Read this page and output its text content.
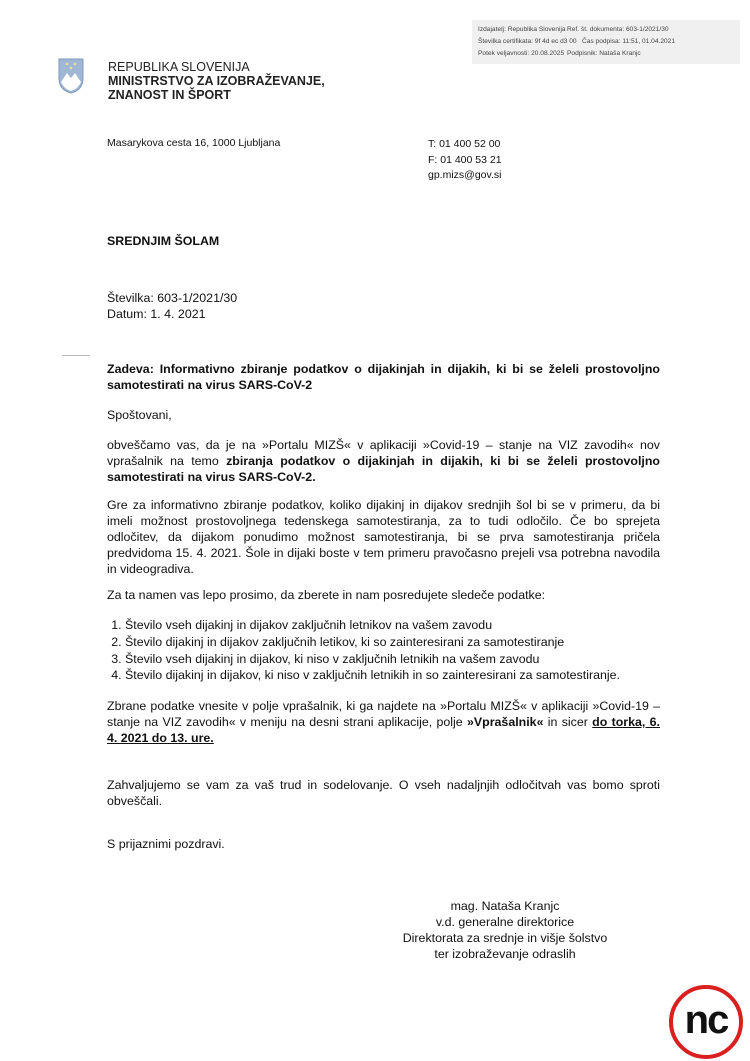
Izdajatelj: Republika Slovenija Ref. št. dokumenta: 603-1/2021/30
Številka certifikata: 9f 4d ec d3 00 Čas podpisa: 11:51, 01.04.2021
Potek veljavnosti: 20.08.2025 Podpisnik: Nataša Kranjc
REPUBLIKA SLOVENIJA
MINISTRSTVO ZA IZOBRAŽEVANJE,
ZNANOST IN ŠPORT
Masarykova cesta 16, 1000 Ljubljana	T: 01 400 52 00
F: 01 400 53 21
gp.mizs@gov.si
SREDNJIM ŠOLAM
Številka: 603-1/2021/30
Datum: 1. 4. 2021
Zadeva: Informativno zbiranje podatkov o dijakinjah in dijakih, ki bi se želeli prostovoljno samotestirati na virus SARS-CoV-2
Spoštovani,
obveščamo vas, da je na »Portalu MIZŠ« v aplikaciji »Covid-19 – stanje na VIZ zavodih« nov vprašalnik na temo zbiranja podatkov o dijakinjah in dijakih, ki bi se želeli prostovoljno samotestirati na virus SARS-CoV-2.
Gre za informativno zbiranje podatkov, koliko dijakinj in dijakov srednjih šol bi se v primeru, da bi imeli možnost prostovoljnega tedenskega samotestiranja, za to tudi odločilo. Če bo sprejeta odločitev, da dijakom ponudimo možnost samotestiranja, bi se prva samotestiranja pričela predvidoma 15. 4. 2021. Šole in dijaki boste v tem primeru pravočasno prejeli vsa potrebna navodila in videogradiva.
Za ta namen vas lepo prosimo, da zberete in nam posredujete sledeče podatke:
1. Število vseh dijakinj in dijakov zaključnih letnikov na vašem zavodu
2. Število dijakinj in dijakov zaključnih letikov, ki so zainteresirani za samotestiranje
3. Število vseh dijakinj in dijakov, ki niso v zaključnih letnikih na vašem zavodu
4. Število dijakinj in dijakov, ki niso v zaključnih letnikih in so zainteresirani za samotestiranje.
Zbrane podatke vnesite v polje vprašalnik, ki ga najdete na »Portalu MIZŠ« v aplikaciji »Covid-19 – stanje na VIZ zavodih« v meniju na desni strani aplikacije, polje »Vprašalnik« in sicer do torka, 6. 4. 2021 do 13. ure.
Zahvaljujemo se vam za vaš trud in sodelovanje. O vseh nadaljnjih odločitvah vas bomo sproti obveščali.
S prijaznimi pozdravi.
mag. Nataša Kranjc
v.d. generalne direktorice
Direktorata za srednje in višje šolstvo
ter izobraževanje odraslih
nc
